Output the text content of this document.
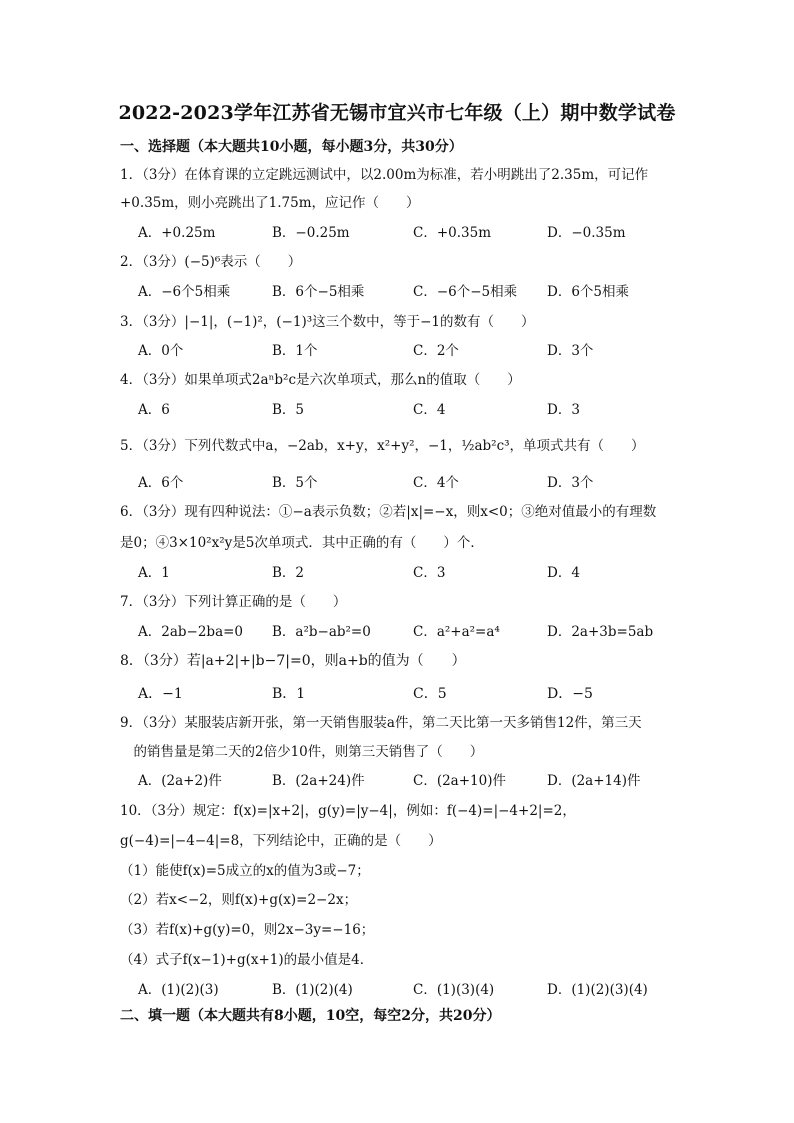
2022-2023学年江苏省无锡市宜兴市七年级（上）期中数学试卷
一、选择题（本大题共10小题，每小题3分，共30分）
1．（3分）在体育课的立定跳远测试中，以2.00m为标准，若小明跳出了2.35m，可记作
+0.35m，则小亮跳出了1.75m，应记作（　　）
A．+0.25m	B．−0.25m	C．+0.35m	D．−0.35m
2．（3分）(−5)⁶表示（　　）
A．−6个5相乘	B．6个−5相乘	C．−6个−5相乘 D．6个5相乘
3．（3分）|−1|，(−1)²，(−1)³这三个数中，等于−1的数有（　　）
A．0个	B．1个	C．2个	D．3个
4．（3分）如果单项式2aⁿb²c是六次单项式，那么n的值取（　　）
A．6	B．5	C．4	D．3
5．（3分）下列代数式中a，−2ab，x+y，x²+y²，−1，½ab²c³，单项式共有（　　）
A．6个	B．5个	C．4个	D．3个
6．（3分）现有四种说法：①−a表示负数；②若|x|=−x，则x<0；③绝对值最小的有理数
是0；④3×10²x²y是5次单项式．其中正确的有（　　）个．
A．1	B．2	C．3	D．4
7．（3分）下列计算正确的是（　　）
A．2ab−2ba=0 B．a²b−ab²=0	C．a²+a²=a⁴	D．2a+3b=5ab
8．（3分）若|a+2|+|b−7|=0，则a+b的值为（　　）
A．−1	B．1	C．5	D．−5
9．（3分）某服装店新开张，第一天销售服装a件，第二天比第一天多销售12件，第三天
　的销售量是第二天的2倍少10件，则第三天销售了（　　）
A．(2a+2)件	B．(2a+24)件	C．(2a+10)件	D．(2a+14)件
10．（3分）规定：f(x)=|x+2|，g(y)=|y−4|，例如：f(−4)=|−4+2|=2，
g(−4)=|−4−4|=8，下列结论中，正确的是（　　）
（1）能使f(x)=5成立的x的值为3或−7；
（2）若x<−2，则f(x)+g(x)=2−2x；
（3）若f(x)+g(y)=0，则2x−3y=−16；
（4）式子f(x−1)+g(x+1)的最小值是4．
A．(1)(2)(3)	B．(1)(2)(4)	C．(1)(3)(4)	D．(1)(2)(3)(4)
二、填一题（本大题共有8小题，10空，每空2分，共20分）
